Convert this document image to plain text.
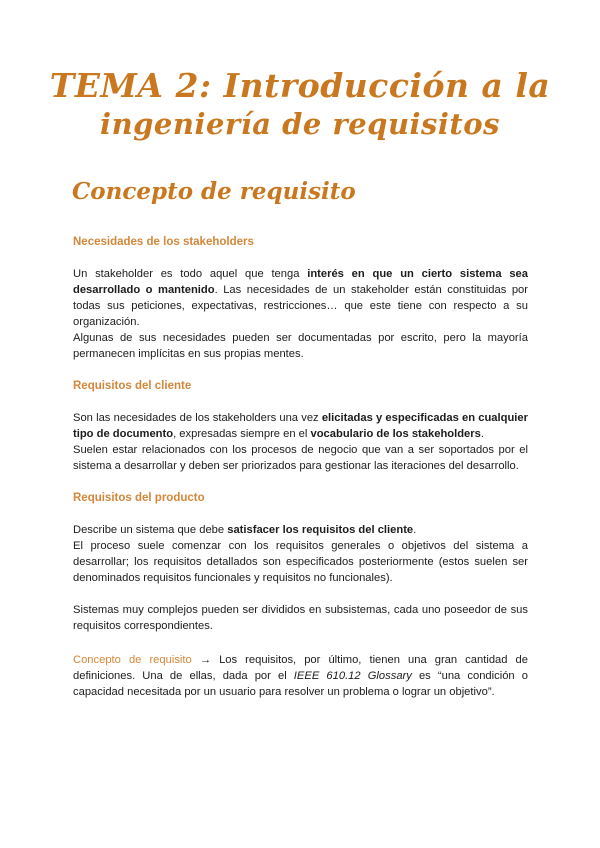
TEMA 2: Introducción a la
ingeniería de requisitos
Concepto de requisito
Necesidades de los stakeholders
Un stakeholder es todo aquel que tenga interés en que un cierto sistema sea desarrollado o mantenido. Las necesidades de un stakeholder están constituidas por todas sus peticiones, expectativas, restricciones… que este tiene con respecto a su organización.
Algunas de sus necesidades pueden ser documentadas por escrito, pero la mayoría permanecen implícitas en sus propias mentes.
Requisitos del cliente
Son las necesidades de los stakeholders una vez elicitadas y especificadas en cualquier tipo de documento, expresadas siempre en el vocabulario de los stakeholders.
Suelen estar relacionados con los procesos de negocio que van a ser soportados por el sistema a desarrollar y deben ser priorizados para gestionar las iteraciones del desarrollo.
Requisitos del producto
Describe un sistema que debe satisfacer los requisitos del cliente.
El proceso suele comenzar con los requisitos generales o objetivos del sistema a desarrollar; los requisitos detallados son especificados posteriormente (estos suelen ser denominados requisitos funcionales y requisitos no funcionales).
Sistemas muy complejos pueden ser divididos en subsistemas, cada uno poseedor de sus requisitos correspondientes.
Concepto de requisito → Los requisitos, por último, tienen una gran cantidad de definiciones. Una de ellas, dada por el IEEE 610.12 Glossary es “una condición o capacidad necesitada por un usuario para resolver un problema o lograr un objetivo”.
